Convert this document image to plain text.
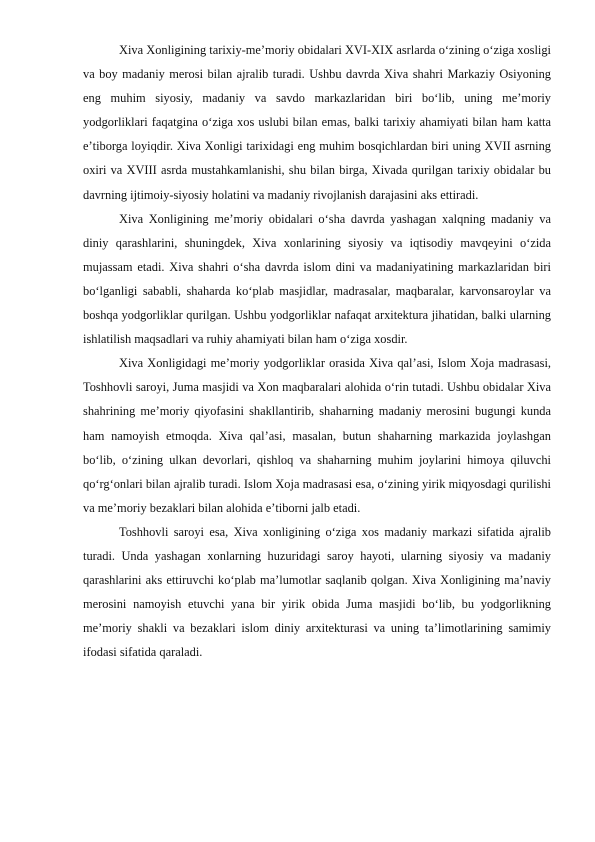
Xiva Xonligining tarixiy-meʼmoriy obidalari XVI-XIX asrlarda oʻzining oʻziga xosligi va boy madaniy merosi bilan ajralib turadi. Ushbu davrda Xiva shahri Markaziy Osiyoning eng muhim siyosiy, madaniy va savdo markazlaridan biri boʻlib, uning meʼmoriy yodgorliklari faqatgina oʻziga xos uslubi bilan emas, balki tarixiy ahamiyati bilan ham katta eʼtiborga loyiqdir. Xiva Xonligi tarixidagi eng muhim bosqichlardan biri uning XVII asrning oxiri va XVIII asrda mustahkamlanishi, shu bilan birga, Xivada qurilgan tarixiy obidalar bu davrning ijtimoiy-siyosiy holatini va madaniy rivojlanish darajasini aks ettiradi.

Xiva Xonligining meʼmoriy obidalari oʻsha davrda yashagan xalqning madaniy va diniy qarashlarini, shuningdek, Xiva xonlarining siyosiy va iqtisodiy mavqeyini oʻzida mujassam etadi. Xiva shahri oʻsha davrda islom dini va madaniyatining markazlaridan biri boʻlganligi sababli, shaharda koʻplab masjidlar, madrasalar, maqbaralar, karvonsaroylar va boshqa yodgorliklar qurilgan. Ushbu yodgorliklar nafaqat arxitektura jihatidan, balki ularning ishlatilish maqsadlari va ruhiy ahamiyati bilan ham oʻziga xosdir.

Xiva Xonligidagi meʼmoriy yodgorliklar orasida Xiva qalʼasi, Islom Xoja madrasasi, Toshhovli saroyi, Juma masjidi va Xon maqbaralari alohida oʻrin tutadi. Ushbu obidalar Xiva shahrining meʼmoriy qiyofasini shakllantirib, shaharning madaniy merosini bugungi kunda ham namoyish etmoqda. Xiva qalʼasi, masalan, butun shaharning markazida joylashgan boʻlib, oʻzining ulkan devorlari, qishloq va shaharning muhim joylarini himoya qiluvchi qoʻrgʻonlari bilan ajralib turadi. Islom Xoja madrasasi esa, oʻzining yirik miqyosdagi qurilishi va meʼmoriy bezaklari bilan alohida eʼtiborni jalb etadi.

Toshhovli saroyi esa, Xiva xonligining oʻziga xos madaniy markazi sifatida ajralib turadi. Unda yashagan xonlarning huzuridagi saroy hayoti, ularning siyosiy va madaniy qarashlarini aks ettiruvchi koʻplab maʼlumotlar saqlanib qolgan. Xiva Xonligining maʼnaviy merosini namoyish etuvchi yana bir yirik obida Juma masjidi boʻlib, bu yodgorlikning meʼmoriy shakli va bezaklari islom diniy arxitekturasi va uning taʼlimotlarining samimiy ifodasi sifatida qaraladi.
